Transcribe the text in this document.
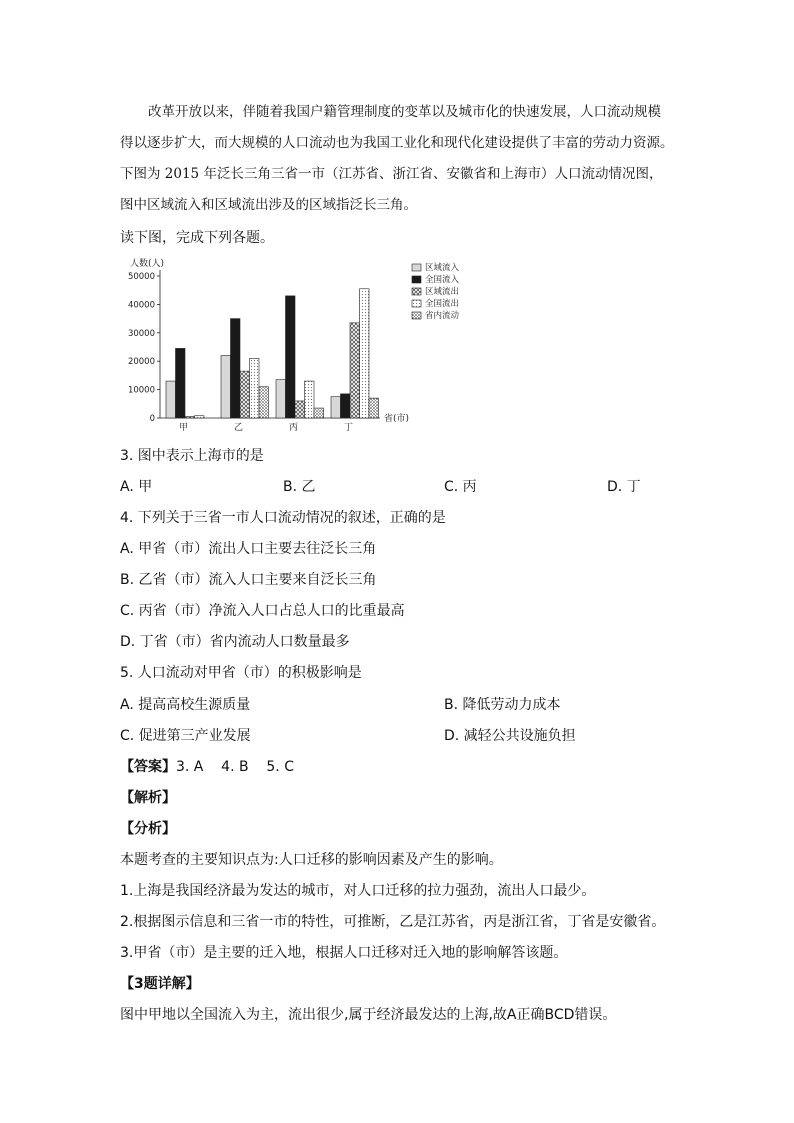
改革开放以来，伴随着我国户籍管理制度的变革以及城市化的快速发展，人口流动规模
得以逐步扩大，而大规模的人口流动也为我国工业化和现代化建设提供了丰富的劳动力资源。
下图为 2015 年泛长三角三省一市（江苏省、浙江省、安徽省和上海市）人口流动情况图，
图中区域流入和区域流出涉及的区域指泛长三角。
读下图，完成下列各题。
0
10000
20000
30000
40000
50000
甲	乙	丙	丁
区域流入
全国流入
区域流出
全国流出
省内流动
人数(人)
省(市)
3. 图中表示上海市的是
A. 甲	B. 乙	C. 丙	D. 丁
4. 下列关于三省一市人口流动情况的叙述，正确的是
A. 甲省（市）流出人口主要去往泛长三角
B. 乙省（市）流入人口主要来自泛长三角
C. 丙省（市）净流入人口占总人口的比重最高
D. 丁省（市）省内流动人口数量最多
5. 人口流动对甲省（市）的积极影响是
A. 提高高校生源质量	B. 降低劳动力成本
C. 促进第三产业发展	D. 减轻公共设施负担
【答案】3. A    4. B    5. C
【解析】
【分析】
本题考查的主要知识点为:人口迁移的影响因素及产生的影响。
1.上海是我国经济最为发达的城市，对人口迁移的拉力强劲，流出人口最少。
2.根据图示信息和三省一市的特性，可推断，乙是江苏省，丙是浙江省，丁省是安徽省。
3.甲省（市）是主要的迁入地，根据人口迁移对迁入地的影响解答该题。
【3题详解】
图中甲地以全国流入为主，流出很少,属于经济最发达的上海,故A正确BCD错误。
